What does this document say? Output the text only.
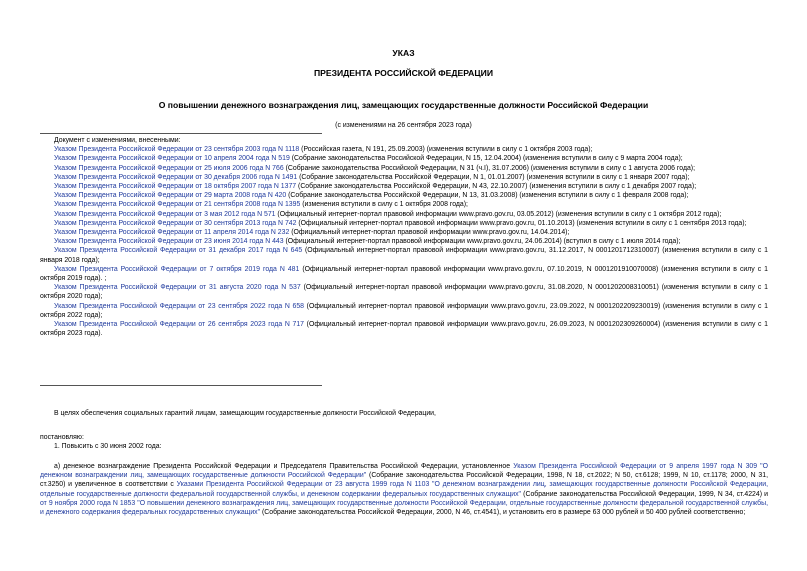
УКАЗ
ПРЕЗИДЕНТА РОССИЙСКОЙ ФЕДЕРАЦИИ
О повышении денежного вознаграждения лиц, замещающих государственные должности Российской Федерации
(с изменениями на 26 сентября 2023 года)

Документ с изменениями, внесенными:

Указом Президента Российской Федерации от 23 сентября 2003 года N 1118 (Российская газета, N 191, 25.09.2003) (изменения вступили в силу с 1 октября 2003 года);

Указом Президента Российской Федерации от 10 апреля 2004 года N 519 (Собрание законодательства Российской Федерации, N 15, 12.04.2004) (изменения вступили в силу с 9 марта 2004 года);

Указом Президента Российской Федерации от 25 июля 2006 года N 766 (Собрание законодательства Российской Федерации, N 31 (ч.I), 31.07.2006) (изменения вступили в силу с 1 августа 2006 года);

Указом Президента Российской Федерации от 30 декабря 2006 года N 1491 (Собрание законодательства Российской Федерации, N 1, 01.01.2007) (изменения вступили в силу с 1 января 2007 года);

Указом Президента Российской Федерации от 18 октября 2007 года N 1377 (Собрание законодательства Российской Федерации, N 43, 22.10.2007) (изменения вступили в силу с 1 декабря 2007 года);

Указом Президента Российской Федерации от 29 марта 2008 года N 420 (Собрание законодательства Российской Федерации, N 13, 31.03.2008) (изменения вступили в силу с 1 февраля 2008 года);

Указом Президента Российской Федерации от 21 сентября 2008 года N 1395 (изменения вступили в силу с 1 октября 2008 года);

Указом Президента Российской Федерации от 3 мая 2012 года N 571 (Официальный интернет-портал правовой информации www.pravo.gov.ru, 03.05.2012) (изменения вступили в силу с 1 октября 2012 года);

Указом Президента Российской Федерации от 30 сентября 2013 года N 742 (Официальный интернет-портал правовой информации www.pravo.gov.ru, 01.10.2013) (изменения вступили в силу с 1 сентября 2013 года);

Указом Президента Российской Федерации от 11 апреля 2014 года N 232 (Официальный интернет-портал правовой информации www.pravo.gov.ru, 14.04.2014);

Указом Президента Российской Федерации от 23 июня 2014 года N 443 (Официальный интернет-портал правовой информации www.pravo.gov.ru, 24.06.2014) (вступил в силу с 1 июля 2014 года);

Указом Президента Российской Федерации от 31 декабря 2017 года N 645 (Официальный интернет-портал правовой информации www.pravo.gov.ru, 31.12.2017, N 0001201712310007) (изменения вступили в силу с 1 января 2018 года);

Указом Президента Российской Федерации от 7 октября 2019 года N 481 (Официальный интернет-портал правовой информации www.pravo.gov.ru, 07.10.2019, N 0001201910070008) (изменения вступили в силу с 1 октября 2019 года). ;

Указом Президента Российской Федерации от 31 августа 2020 года N 537 (Официальный интернет-портал правовой информации www.pravo.gov.ru, 31.08.2020, N 0001202008310051) (изменения вступили в силу с 1 октября 2020 года);

Указом Президента Российской Федерации от 23 сентября 2022 года N 658 (Официальный интернет-портал правовой информации www.pravo.gov.ru, 23.09.2022, N 0001202209230019) (изменения вступили в силу с 1 октября 2022 года);

Указом Президента Российской Федерации от 26 сентября 2023 года N 717 (Официальный интернет-портал правовой информации www.pravo.gov.ru, 26.09.2023, N 0001202309260004) (изменения вступили в силу с 1 октября 2023 года).

В целях обеспечения социальных гарантий лицам, замещающим государственные должности Российской Федерации,

постановляю:

1. Повысить с 30 июня 2002 года:

а) денежное вознаграждение Президента Российской Федерации и Председателя Правительства Российской Федерации, установленное Указом Президента Российской Федерации от 9 апреля 1997 года N 309 "О денежном вознаграждении лиц, замещающих государственные должности Российской Федерации" (Собрание законодательства Российской Федерации, 1998, N 18, ст.2022; N 50, ст.6128; 1999, N 10, ст.1178; 2000, N 31, ст.3250) и увеличенное в соответствии с Указами Президента Российской Федерации от 23 августа 1999 года N 1103 "О денежном вознаграждении лиц, замещающих государственные должности Российской Федерации, отдельные государственные должности федеральной государственной службы, и денежном содержании федеральных государственных служащих" (Собрание законодательства Российской Федерации, 1999, N 34, ст.4224) и от 9 ноября 2000 года N 1853 "О повышении денежного вознаграждения лиц, замещающих государственные должности Российской Федерации, отдельные государственные должности федеральной государственной службы, и денежного содержания федеральных государственных служащих" (Собрание законодательства Российской Федерации, 2000, N 46, ст.4541), и установить его в размере 63 000 рублей и 50 400 рублей соответственно;
